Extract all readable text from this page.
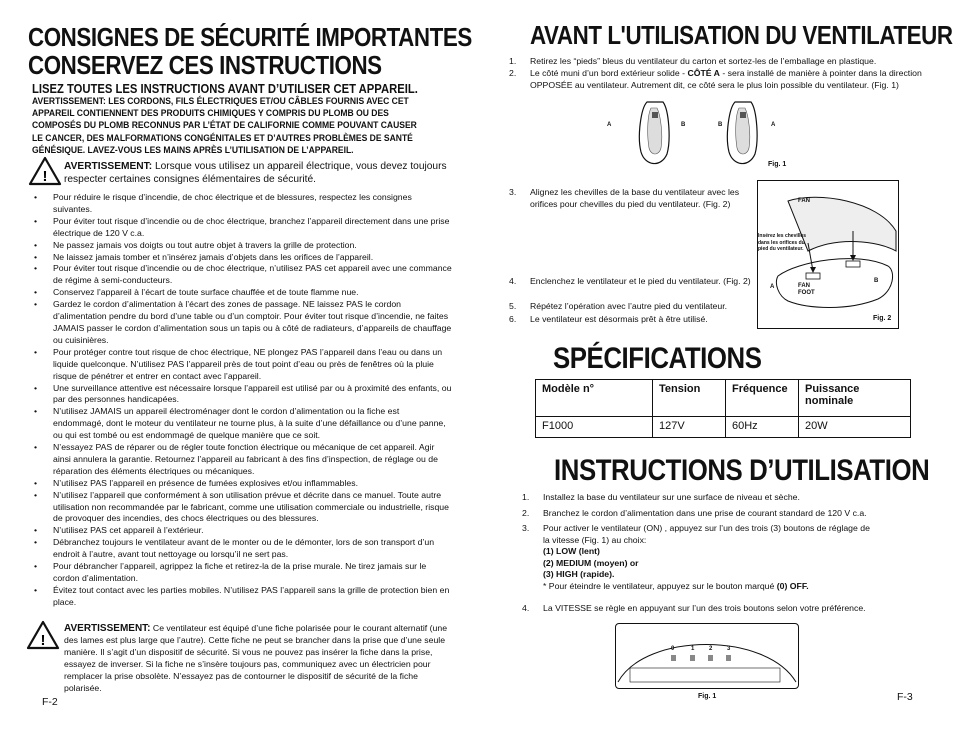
CONSIGNES DE SÉCURITÉ IMPORTANTES
CONSERVEZ CES INSTRUCTIONS
LISEZ TOUTES LES INSTRUCTIONS AVANT D’UTILISER CET APPAREIL.
AVERTISSEMENT: LES CORDONS, FILS ÉLECTRIQUES ET/OU CÂBLES FOURNIS AVEC CET APPAREIL CONTIENNENT DES PRODUITS CHIMIQUES Y COMPRIS DU PLOMB OU DES COMPOSÉS DU PLOMB RECONNUS PAR L’ÉTAT DE CALIFORNIE COMME POUVANT CAUSER LE CANCER, DES MALFORMATIONS CONGÉNITALES ET D’AUTRES PROBLÈMES DE SANTÉ GÉNÉSIQUE. LAVEZ-VOUS LES MAINS APRÈS L’UTILISATION DE L’APPAREIL.
!
AVERTISSEMENT: Lorsque vous utilisez un appareil électrique, vous devez toujours respecter certaines consignes élémentaires de sécurité.
• Pour réduire le risque d’incendie, de choc électrique et de blessures, respectez les consignes suivantes.
• Pour éviter tout risque d’incendie ou de choc électrique, branchez l’appareil directement dans une prise électrique de 120 V c.a.
• Ne passez jamais vos doigts ou tout autre objet à travers la grille de protection.
• Ne laissez jamais tomber et n’insérez jamais d’objets dans les orifices de l’appareil.
• Pour éviter tout risque d’incendie ou de choc électrique, n’utilisez PAS cet appareil avec une commance de régime à semi-conducteurs.
• Conservez l’appareil à l’écart de toute surface chauffée et de toute flamme nue.
• Gardez le cordon d’alimentation à l’écart des zones de passage. NE laissez PAS le cordon d’alimentation pendre du bord d’une table ou d’un comptoir. Pour éviter tout risque d’incendie, ne faites JAMAIS passer le cordon d’alimentation sous un tapis ou à côté de radiateurs, d’appareils de chauffage ou cuisinières.
• Pour protéger contre tout risque de choc électrique, NE plongez PAS l’appareil dans l’eau ou dans un liquide quelconque. N’utilisez PAS l’appareil près de tout point d’eau ou près de fenêtres où la pluie risque de pénétrer et entrer en contact avec l’appareil.
• Une surveillance attentive est nécessaire lorsque l’appareil est utilisé par ou à proximité des enfants, ou par des personnes handicapées.
• N’utilisez JAMAIS un appareil électroménager dont le cordon d’alimentation ou la fiche est endommagé, dont le moteur du ventilateur ne tourne plus, à la suite d’une défaillance ou d’une panne, ou qui est tombé ou est endommagé de quelque manière que ce soit.
• N’essayez PAS de réparer ou de régler toute fonction électrique ou mécanique de cet appareil. Agir ainsi annulera la garantie. Retournez l’appareil au fabricant à des fins d’inspection, de réglage ou de réparation des éléments électriques ou mécaniques.
• N’utilisez PAS l’appareil en présence de fumées explosives et/ou inflammables.
• N’utilisez l’appareil que conformément à son utilisation prévue et décrite dans ce manuel. Toute autre utilisation non recommandée par le fabricant, comme une utilisation commerciale ou industrielle, risque de provoquer des incendies, des chocs électriques ou des blessures.
• N’utilisez PAS cet appareil à l’extérieur.
• Débranchez toujours le ventilateur avant de le monter ou de le démonter, lors de son transport d’un endroit à l’autre, avant tout nettoyage ou lorsqu’il ne sert pas.
• Pour débrancher l’appareil, agrippez la fiche et retirez-la de la prise murale. Ne tirez jamais sur le cordon d’alimentation.
• Évitez tout contact avec les parties mobiles. N’utilisez PAS l’appareil sans la grille de protection bien en place.
!
AVERTISSEMENT: Ce ventilateur est équipé d’une fiche polarisée pour le courant alternatif (une des lames est plus large que l’autre). Cette fiche ne peut se brancher dans la prise que d’une seule manière. Il s’agit d’un dispositif de sécurité. Si vous ne pouvez pas insérer la fiche dans la prise, essayez de inverser. Si la fiche ne s’insère toujours pas, communiquez avec un électricien pour remplacer la prise obsolète. N’essayez pas de contourner le dispositif de sécurité de la fiche polarisée.
F-2
AVANT L'UTILISATION DU VENTILATEUR
1. Retirez les “pieds” bleus du ventilateur du carton et sortez-les de l’emballage en plastique.
2. Le côté muni d’un bord extérieur solide - CÔTÉ A - sera installé de manière à pointer dans la direction OPPOSÉE au ventilateur. Autrement dit, ce côté sera le plus loin possible du ventilateur. (Fig. 1)
A	B	B	A
Fig. 1
3. Alignez les chevilles de la base du ventilateur avec les orifices pour chevilles du pied du ventilateur. (Fig. 2)
4. Enclenchez le ventilateur et le pied du ventilateur. (Fig. 2)
5. Répétez l’opération avec l’autre pied du ventilateur.
6. Le ventilateur est désormais prêt à être utilisé.
FAN
Insérez les chevilles dans les orifices du pied du ventilateur.
A
B
FAN FOOT
Fig. 2
SPÉCIFICATIONS
Modèle n°	Tension	Fréquence	Puissance nominale
F1000	127V	60Hz	20W
INSTRUCTIONS D’UTILISATION
1. Installez la base du ventilateur sur une surface de niveau et sèche.
2. Branchez le cordon d’alimentation dans une prise de courant standard de 120 V c.a.
3. Pour activer le ventilateur (ON) , appuyez sur l’un des trois (3) boutons de réglage de la vitesse (Fig. 1) au choix:
(1) LOW (lent)
(2) MEDIUM (moyen) or
(3) HIGH (rapide).
* Pour éteindre le ventilateur, appuyez sur le bouton marqué (0) OFF.
4. La VITESSE se règle en appuyant sur l’un des trois boutons selon votre préférence.
0	1 2 3
Fig. 1	F-3
